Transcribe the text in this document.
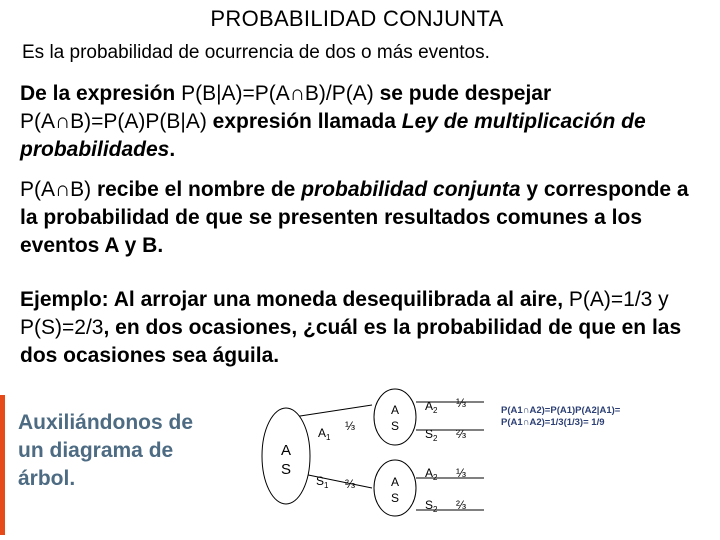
PROBABILIDAD CONJUNTA
Es la probabilidad de ocurrencia de dos o más eventos.
De la expresión P(B|A)=P(A∩B)/P(A) se pude despejar P(A∩B)=P(A)P(B|A) expresión llamada Ley de multiplicación de probabilidades.
P(A∩B) recibe el nombre de probabilidad conjunta y corresponde a la probabilidad de que se presenten resultados comunes a los eventos A y B.
Ejemplo: Al arrojar una moneda desequilibrada al aire, P(A)=1/3 y P(S)=2/3, en dos ocasiones, ¿cuál es la probabilidad de que en las dos ocasiones sea águila.
Auxiliándonos de un diagrama de árbol.
A
S
$A_1$
⅓
$S_1$ ⅔
A
S
A
S
$A_2$
⅓
$S_2$ ⅔
$A_2$ ⅓
$S_2$ ⅔
P(A1∩A2)=P(A1)P(A2|A1)=
P(A1∩A2)=1/3(1/3)= 1/9
